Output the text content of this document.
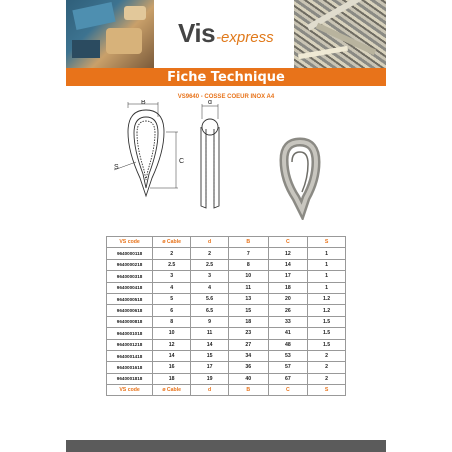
Vis -express
Fiche Technique
VS9640 - COSSE COEUR INOX A4
B
C
S
d
VS code	ø Cable	d	B	C	S
9640000118	2	2	7	12	1
9640000218	2.5	2.5	8	14	1
9640000318	3	3	10	17	1
9640000418	4	4	11	18	1
9640000518	5	5.6	13	20	1.2
9640000618	6	6.5	15	26	1.2
9640000818	8	9	18	33	1.5
9640001018	10	11	23	41	1.5
9640001218	12	14	27	48	1.5
9640001418	14	15	34	53	2
9640001618	16	17	36	57	2
9640001818	18	19	40	67	2
VS code	ø Cable	d	B	C	S
